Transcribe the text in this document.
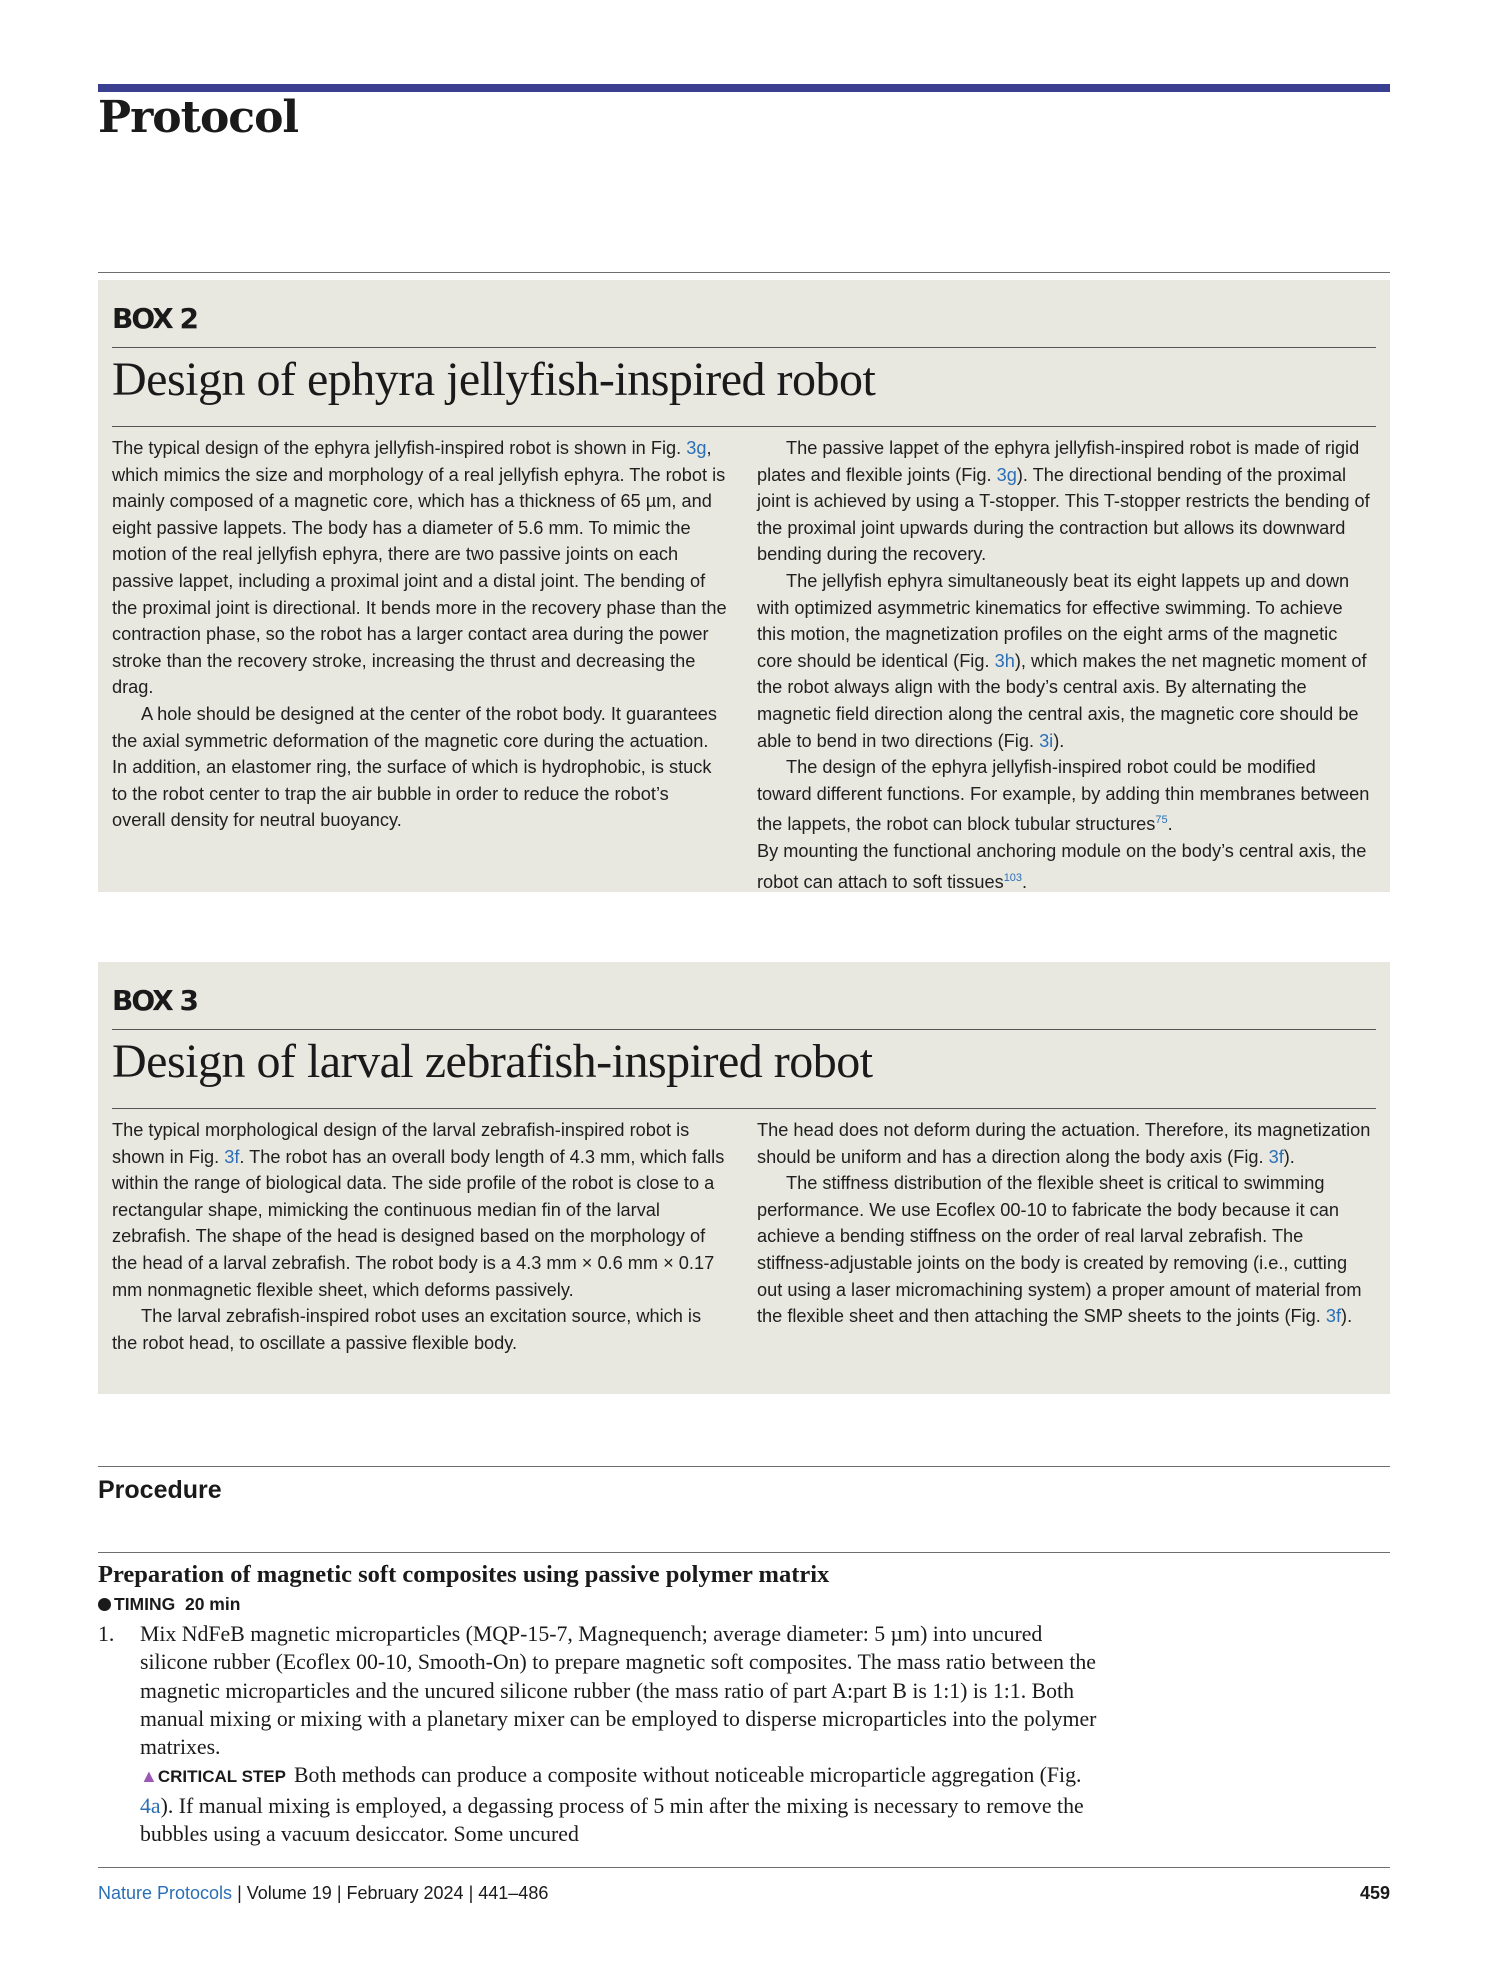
Protocol
BOX 2
Design of ephyra jellyfish-inspired robot

The typical design of the ephyra jellyfish-inspired robot is shown in Fig. 3g, which mimics the size and morphology of a real jellyfish ephyra. The robot is mainly composed of a magnetic core, which has a thickness of 65 µm, and eight passive lappets. The body has a diameter of 5.6 mm. To mimic the motion of the real jellyfish ephyra, there are two passive joints on each passive lappet, including a proximal joint and a distal joint. The bending of the proximal joint is directional. It bends more in the recovery phase than the contraction phase, so the robot has a larger contact area during the power stroke than the recovery stroke, increasing the thrust and decreasing the drag.

A hole should be designed at the center of the robot body. It guarantees the axial symmetric deformation of the magnetic core during the actuation. In addition, an elastomer ring, the surface of which is hydrophobic, is stuck to the robot center to trap the air bubble in order to reduce the robot’s overall density for neutral buoyancy.

The passive lappet of the ephyra jellyfish-inspired robot is made of rigid plates and flexible joints (Fig. 3g). The directional bending of the proximal joint is achieved by using a T-stopper. This T-stopper restricts the bending of the proximal joint upwards during the contraction but allows its downward bending during the recovery.

The jellyfish ephyra simultaneously beat its eight lappets up and down with optimized asymmetric kinematics for effective swimming. To achieve this motion, the magnetization profiles on the eight arms of the magnetic core should be identical (Fig. 3h), which makes the net magnetic moment of the robot always align with the body’s central axis. By alternating the magnetic field direction along the central axis, the magnetic core should be able to bend in two directions (Fig. 3i).

The design of the ephyra jellyfish-inspired robot could be modified toward different functions. For example, by adding thin membranes between the lappets, the robot can block tubular structures$^{75}$.

By mounting the functional anchoring module on the body’s central axis, the robot can attach to soft tissues$^{103}$.

BOX 3
Design of larval zebrafish-inspired robot

The typical morphological design of the larval zebrafish-inspired robot is shown in Fig. 3f. The robot has an overall body length of 4.3 mm, which falls within the range of biological data. The side profile of the robot is close to a rectangular shape, mimicking the continuous median fin of the larval zebrafish. The shape of the head is designed based on the morphology of the head of a larval zebrafish. The robot body is a 4.3 mm × 0.6 mm × 0.17 mm nonmagnetic flexible sheet, which deforms passively.

The larval zebrafish-inspired robot uses an excitation source, which is the robot head, to oscillate a passive flexible body.

The head does not deform during the actuation. Therefore, its magnetization should be uniform and has a direction along the body axis (Fig. 3f).

The stiffness distribution of the flexible sheet is critical to swimming performance. We use Ecoflex 00-10 to fabricate the body because it can achieve a bending stiffness on the order of real larval zebrafish. The stiffness-adjustable joints on the body is created by removing (i.e., cutting out using a laser micromachining system) a proper amount of material from the flexible sheet and then attaching the SMP sheets to the joints (Fig. 3f).

Procedure
Preparation of magnetic soft composites using passive polymer matrix
TIMING 20 min
1. Mix NdFeB magnetic microparticles (MQP-15-7, Magnequench; average diameter: 5 µm) into uncured silicone rubber (Ecoflex 00-10, Smooth-On) to prepare magnetic soft composites. The mass ratio between the magnetic microparticles and the uncured silicone rubber (the mass ratio of part A:part B is 1:1) is 1:1. Both manual mixing or mixing with a planetary mixer can be employed to disperse microparticles into the polymer matrixes.
▲CRITICAL STEP Both methods can produce a composite without noticeable microparticle aggregation (Fig. 4a). If manual mixing is employed, a degassing process of 5 min after the mixing is necessary to remove the bubbles using a vacuum desiccator. Some uncured
Nature Protocols | Volume 19 | February 2024 | 441–486	459
